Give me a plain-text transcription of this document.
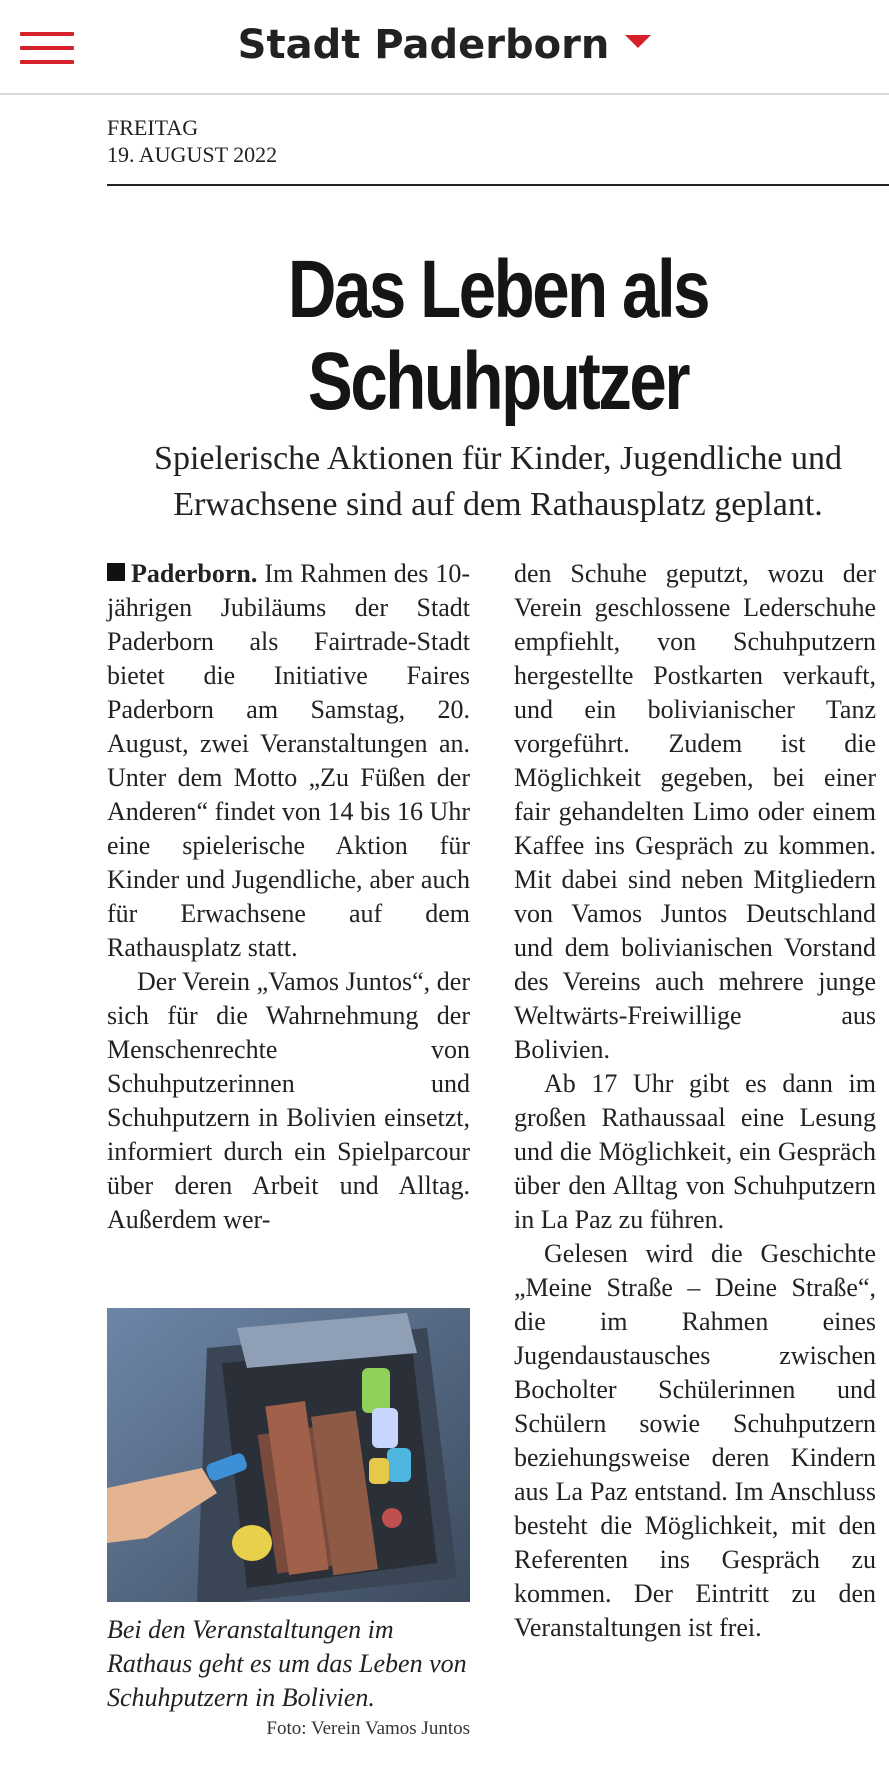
Stadt Paderborn
FREITAG
19. AUGUST 2022
Das Leben als
Schuhputzer
Spielerische Aktionen für Kinder, Jugendliche und
Erwachsene sind auf dem Rathausplatz geplant.

Paderborn. Im Rahmen des 10-jährigen Jubiläums der Stadt Paderborn als Fairtrade-Stadt bietet die Initiative Faires Paderborn am Samstag, 20. August, zwei Veranstaltungen an. Unter dem Motto „Zu Füßen der Anderen“ findet von 14 bis 16 Uhr eine spielerische Aktion für Kinder und Jugendliche, aber auch für Erwachsene auf dem Rathausplatz statt.

Der Verein „Vamos Juntos“, der sich für die Wahrnehmung der Menschenrechte von Schuhputzerinnen und Schuhputzern in Bolivien einsetzt, informiert durch ein Spielparcour über deren Arbeit und Alltag. Außerdem wer-

Bei den Veranstaltungen im Rathaus geht es um das Leben von Schuhputzern in Bolivien.
Foto: Verein Vamos Juntos

den Schuhe geputzt, wozu der Verein geschlossene Lederschuhe empfiehlt, von Schuhputzern hergestellte Postkarten verkauft, und ein bolivianischer Tanz vorgeführt. Zudem ist die Möglichkeit gegeben, bei einer fair gehandelten Limo oder einem Kaffee ins Gespräch zu kommen. Mit dabei sind neben Mitgliedern von Vamos Juntos Deutschland und dem bolivianischen Vorstand des Vereins auch mehrere junge Weltwärts-Freiwillige aus Bolivien.

Ab 17 Uhr gibt es dann im großen Rathaussaal eine Lesung und die Möglichkeit, ein Gespräch über den Alltag von Schuhputzern in La Paz zu führen.

Gelesen wird die Geschichte „Meine Straße – Deine Straße“, die im Rahmen eines Jugendaustausches zwischen Bocholter Schülerinnen und Schülern sowie Schuhputzern beziehungsweise deren Kindern aus La Paz entstand. Im Anschluss besteht die Möglichkeit, mit den Referenten ins Gespräch zu kommen. Der Eintritt zu den Veranstaltungen ist frei.
